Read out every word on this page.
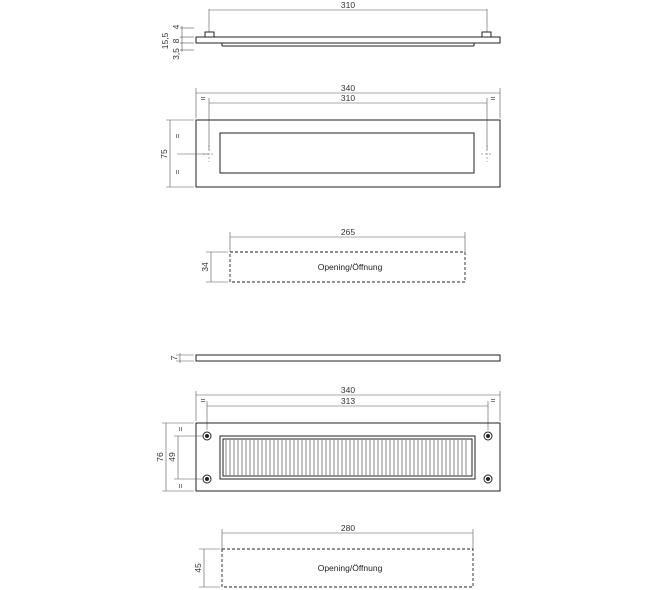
310
4
15,5 8
3,5
340
=	=
310
75
=
=
265
Opening/Öffnung
34
7
340
=	=
313
76 49
=
=
280
Opening/Öffnung
45
